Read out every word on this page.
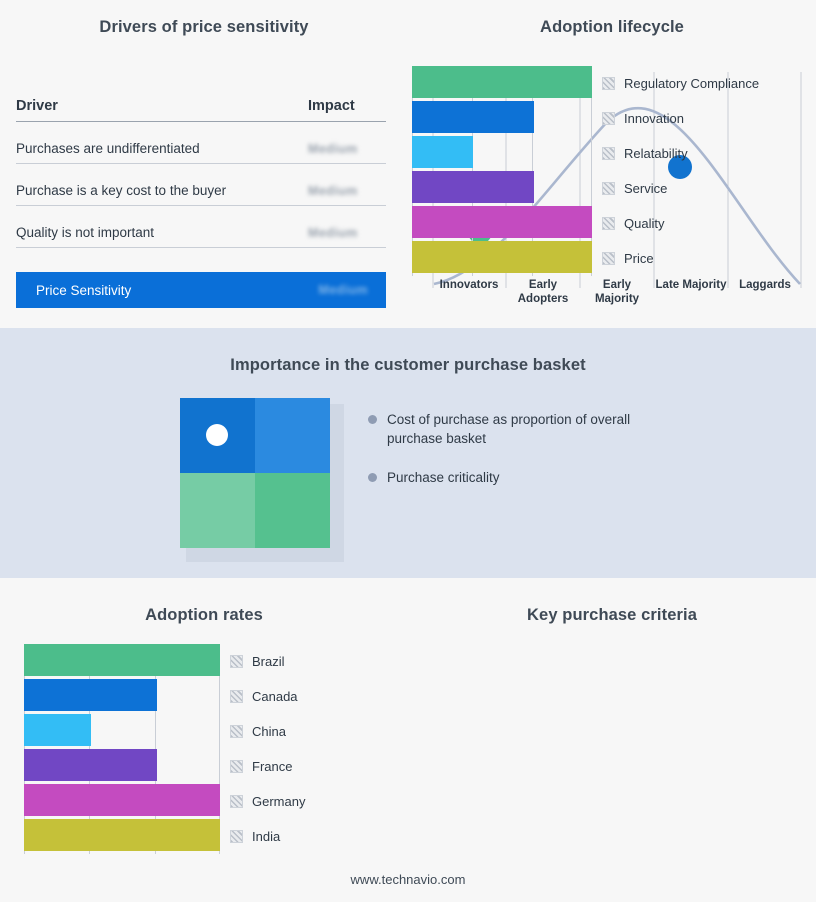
Drivers of price sensitivity
Driver	Impact
Purchases are undifferentiated	Medium
Purchase is a key cost to the buyer	Medium
Quality is not important	Medium
Price Sensitivity	Medium
Adoption lifecycle
Innovators	Early Adopters
Early Majority
Late Majority	Laggards
Importance in the customer purchase basket
Cost of purchase as proportion of overall purchase basket
Purchase criticality
Adoption rates
Brazil
Canada
China
France
Germany
India
Key purchase criteria
Regulatory Compliance
Innovation
Relatability
Service
Quality
Price
www.technavio.com
